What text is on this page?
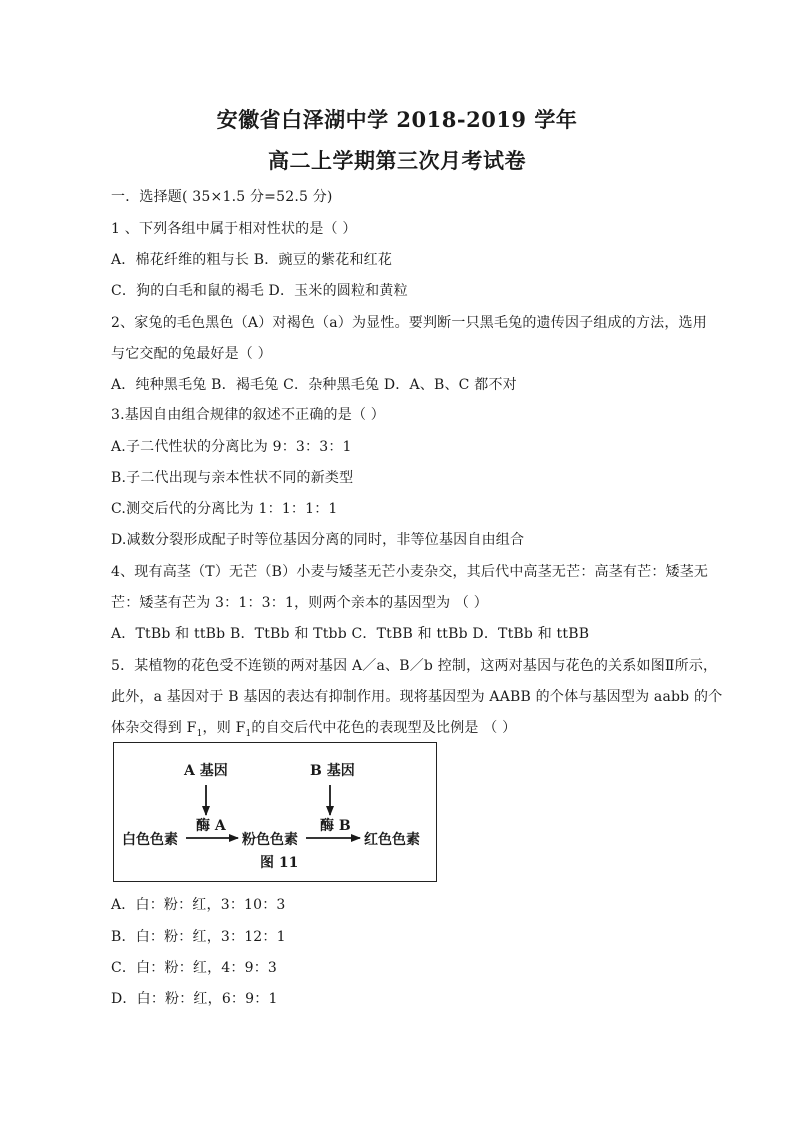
安徽省白泽湖中学 2018-2019 学年
高二上学期第三次月考试卷
一．选择题( 35×1.5 分=52.5 分)
1 、下列各组中属于相对性状的是（ ）
A．棉花纤维的粗与长 B．豌豆的紫花和红花
C．狗的白毛和鼠的褐毛 D．玉米的圆粒和黄粒
2、家兔的毛色黑色（A）对褐色（a）为显性。要判断一只黑毛兔的遗传因子组成的方法，选用
与它交配的兔最好是（ ）
A．纯种黑毛兔 B．褐毛兔 C．杂种黑毛兔 D．A、B、C 都不对
3.基因自由组合规律的叙述不正确的是（ ）
A.子二代性状的分离比为 9：3：3：1
B.子二代出现与亲本性状不同的新类型
C.测交后代的分离比为 1：1：1：1
D.减数分裂形成配子时等位基因分离的同时，非等位基因自由组合
4、现有高茎（T）无芒（B）小麦与矮茎无芒小麦杂交，其后代中高茎无芒：高茎有芒：矮茎无
芒：矮茎有芒为 3：1：3：1，则两个亲本的基因型为 （ ）
A．TtBb 和 ttBb B．TtBb 和 Ttbb C．TtBB 和 ttBb D．TtBb 和 ttBB
5．某植物的花色受不连锁的两对基因 A／a、B／b 控制，这两对基因与花色的关系如图Ⅱ所示，
此外，a 基因对于 B 基因的表达有抑制作用。现将基因型为 AABB 的个体与基因型为 aabb 的个
体杂交得到 $F_1$，则 $F_1$的自交后代中花色的表现型及比例是 （ ）
A 基因	B 基因
酶 A	酶 B
白色色素	粉色色素	红色色素
图 11
A．白：粉：红，3：10：3
B．白：粉：红，3：12：1
C．白：粉：红，4：9：3
D．白：粉：红，6：9：1
